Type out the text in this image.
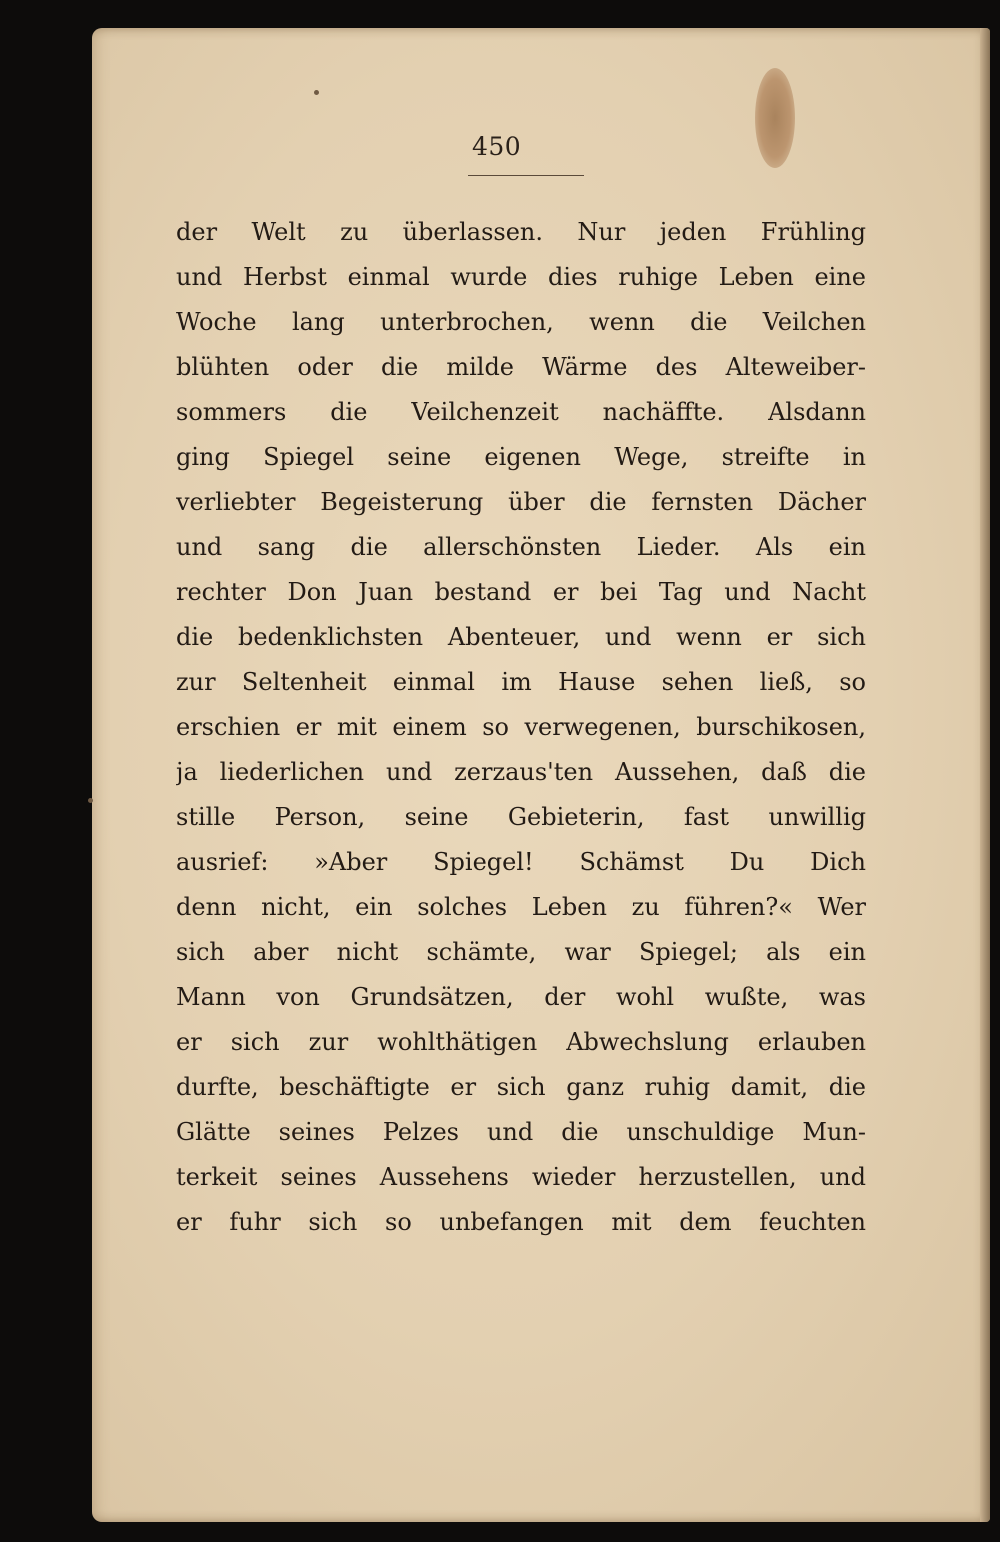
450
der Welt zu überlassen. Nur jeden Frühling
und Herbst einmal wurde dies ruhige Leben eine
Woche lang unterbrochen, wenn die Veilchen
blühten oder die milde Wärme des Alteweiber-
sommers die Veilchenzeit nachäffte. Alsdann
ging Spiegel seine eigenen Wege, streifte in
verliebter Begeisterung über die fernsten Dächer
und sang die allerschönsten Lieder. Als ein
rechter Don Juan bestand er bei Tag und Nacht
die bedenklichsten Abenteuer, und wenn er sich
zur Seltenheit einmal im Hause sehen ließ, so
erschien er mit einem so verwegenen, burschikosen,
ja liederlichen und zerzaus'ten Aussehen, daß die
stille Person, seine Gebieterin, fast unwillig
ausrief: »Aber Spiegel! Schämst Du Dich
denn nicht, ein solches Leben zu führen?« Wer
sich aber nicht schämte, war Spiegel; als ein
Mann von Grundsätzen, der wohl wußte, was
er sich zur wohlthätigen Abwechslung erlauben
durfte, beschäftigte er sich ganz ruhig damit, die
Glätte seines Pelzes und die unschuldige Mun-
terkeit seines Aussehens wieder herzustellen, und
er fuhr sich so unbefangen mit dem feuchten
